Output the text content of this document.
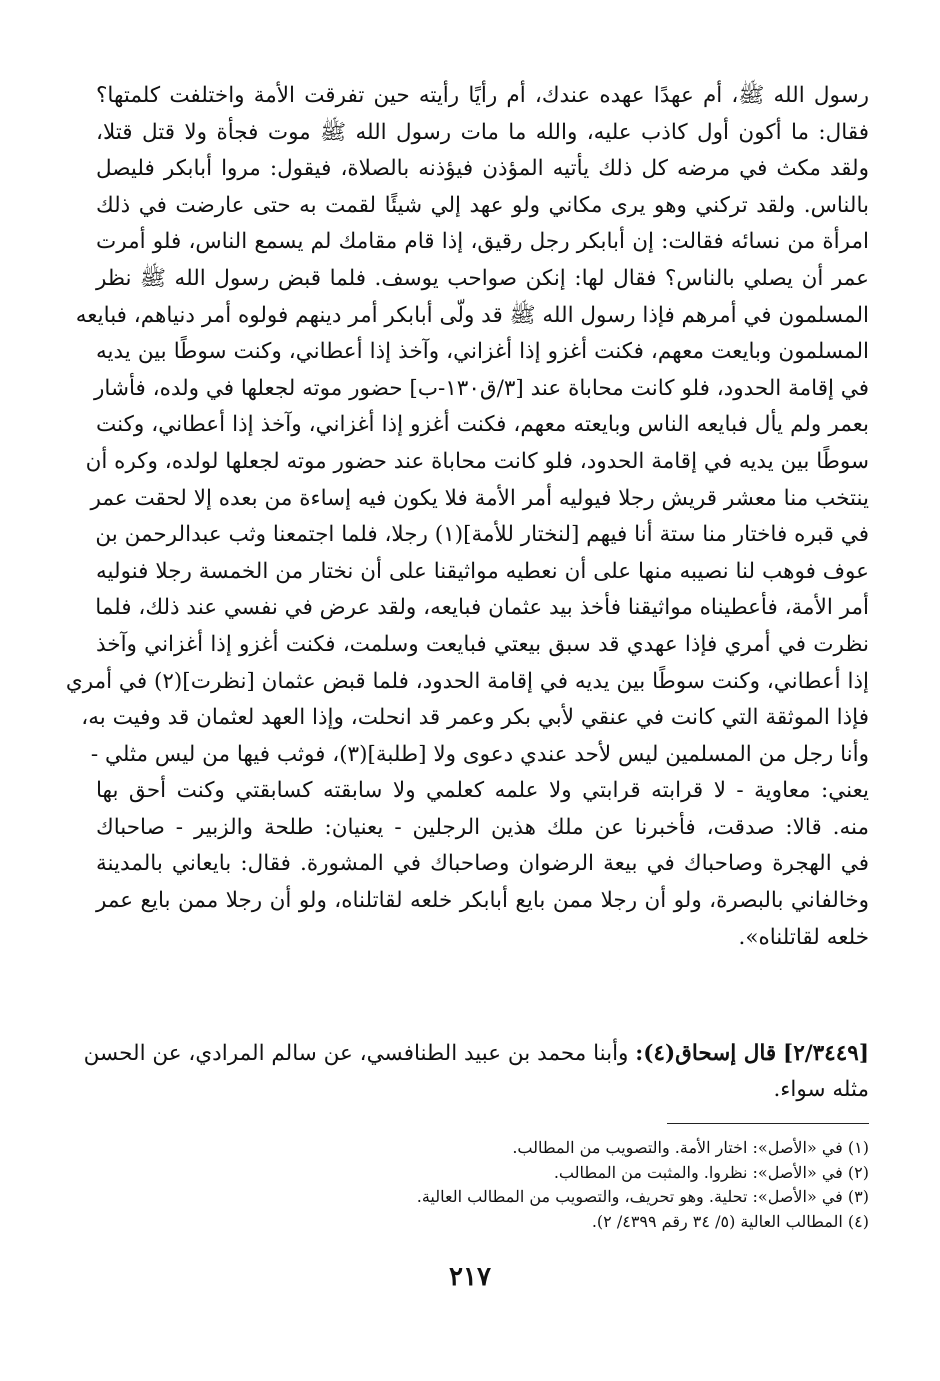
رسول الله ﷺ، أم عهدًا عهده عندك، أم رأيًا رأيته حين تفرقت الأمة واختلفت كلمتها؟
فقال: ما أكون أول كاذب عليه، والله ما مات رسول الله ﷺ موت فجأة ولا قتل قتلا،
ولقد مكث في مرضه كل ذلك يأتيه المؤذن فيؤذنه بالصلاة، فيقول: مروا أبابكر فليصل
بالناس. ولقد تركني وهو يرى مكاني ولو عهد إلي شيئًا لقمت به حتى عارضت في ذلك
امرأة من نسائه فقالت: إن أبابكر رجل رقيق، إذا قام مقامك لم يسمع الناس، فلو أمرت
عمر أن يصلي بالناس؟ فقال لها: إنكن صواحب يوسف. فلما قبض رسول الله ﷺ نظر
المسلمون في أمرهم فإذا رسول الله ﷺ قد ولّى أبابكر أمر دينهم فولوه أمر دنياهم، فبايعه
المسلمون وبايعت معهم، فكنت أغزو إذا أغزاني، وآخذ إذا أعطاني، وكنت سوطًا بين يديه
في إقامة الحدود، فلو كانت محاباة عند [٣/ق١٣٠-ب] حضور موته لجعلها في ولده، فأشار
بعمر ولم يأل فبايعه الناس وبايعته معهم، فكنت أغزو إذا أغزاني، وآخذ إذا أعطاني، وكنت
سوطًا بين يديه في إقامة الحدود، فلو كانت محاباة عند حضور موته لجعلها لولده، وكره أن
ينتخب منا معشر قريش رجلا فيوليه أمر الأمة فلا يكون فيه إساءة من بعده إلا لحقت عمر
في قبره فاختار منا ستة أنا فيهم [لنختار للأمة](١) رجلا، فلما اجتمعنا وثب عبدالرحمن بن
عوف فوهب لنا نصيبه منها على أن نعطيه مواثيقنا على أن نختار من الخمسة رجلا فنوليه
أمر الأمة، فأعطيناه مواثيقنا فأخذ بيد عثمان فبايعه، ولقد عرض في نفسي عند ذلك، فلما
نظرت في أمري فإذا عهدي قد سبق بيعتي فبايعت وسلمت، فكنت أغزو إذا أغزاني وآخذ
إذا أعطاني، وكنت سوطًا بين يديه في إقامة الحدود، فلما قبض عثمان [نظرت](٢) في أمري
فإذا الموثقة التي كانت في عنقي لأبي بكر وعمر قد انحلت، وإذا العهد لعثمان قد وفيت به،
وأنا رجل من المسلمين ليس لأحد عندي دعوى ولا [طلبة](٣)، فوثب فيها من ليس مثلي -
يعني: معاوية - لا قرابته قرابتي ولا علمه كعلمي ولا سابقته كسابقتي وكنت أحق بها
منه. قالا: صدقت، فأخبرنا عن ملك هذين الرجلين - يعنيان: طلحة والزبير - صاحباك
في الهجرة وصاحباك في بيعة الرضوان وصاحباك في المشورة. فقال: بايعاني بالمدينة
وخالفاني بالبصرة، ولو أن رجلا ممن بايع أبابكر خلعه لقاتلناه، ولو أن رجلا ممن بايع عمر
خلعه لقاتلناه».
[٢/٣٤٤٩] قال إسحاق(٤): وأبنا محمد بن عبيد الطنافسي، عن سالم المرادي، عن الحسن
مثله سواء.
(١) في «الأصل»: اختار الأمة. والتصويب من المطالب.
(٢) في «الأصل»: نظروا. والمثبت من المطالب.
(٣) في «الأصل»: تحلية. وهو تحريف، والتصويب من المطالب العالية.
(٤) المطالب العالية (٥/ ٣٤ رقم ٤٣٩٩/ ٢).
٢١٧
